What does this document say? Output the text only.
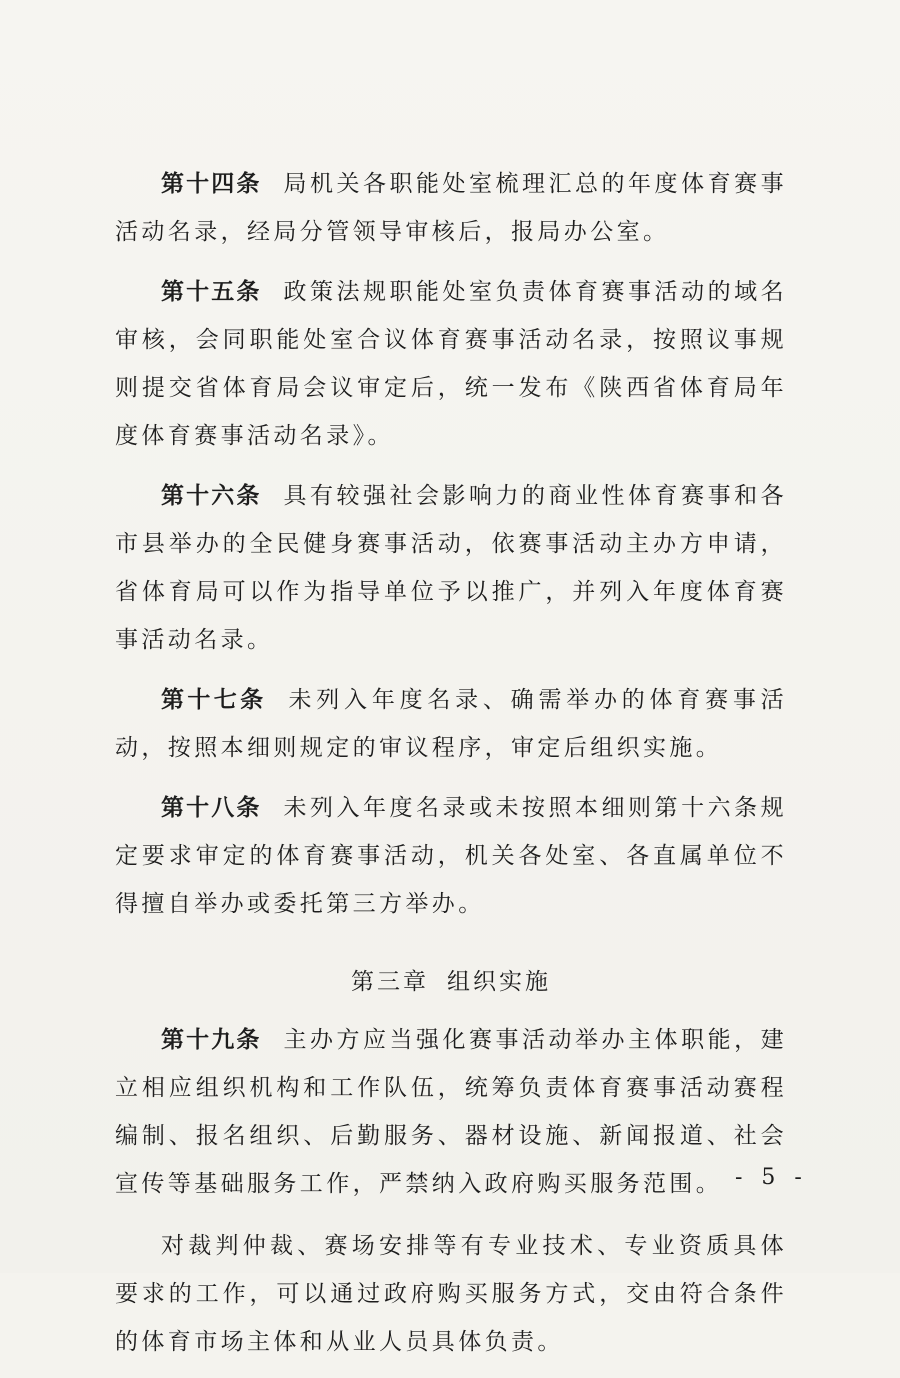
第十四条 局机关各职能处室梳理汇总的年度体育赛事活动名录，经局分管领导审核后，报局办公室。

第十五条 政策法规职能处室负责体育赛事活动的域名审核，会同职能处室合议体育赛事活动名录，按照议事规则提交省体育局会议审定后，统一发布《陕西省体育局年度体育赛事活动名录》。

第十六条 具有较强社会影响力的商业性体育赛事和各市县举办的全民健身赛事活动，依赛事活动主办方申请，省体育局可以作为指导单位予以推广，并列入年度体育赛事活动名录。

第十七条 未列入年度名录、确需举办的体育赛事活动，按照本细则规定的审议程序，审定后组织实施。

第十八条 未列入年度名录或未按照本细则第十六条规定要求审定的体育赛事活动，机关各处室、各直属单位不得擅自举办或委托第三方举办。

第三章 组织实施

第十九条 主办方应当强化赛事活动举办主体职能，建立相应组织机构和工作队伍，统筹负责体育赛事活动赛程编制、报名组织、后勤服务、器材设施、新闻报道、社会宣传等基础服务工作，严禁纳入政府购买服务范围。

对裁判仲裁、赛场安排等有专业技术、专业资质具体要求的工作，可以通过政府购买服务方式，交由符合条件的体育市场主体和从业人员具体负责。

- 5 -
